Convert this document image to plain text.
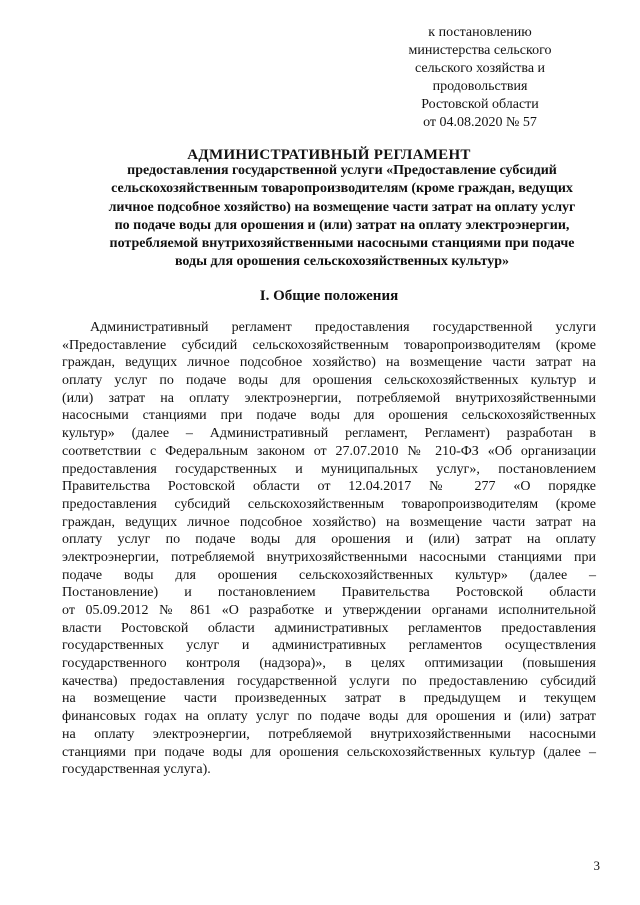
к постановлению
министерства сельского
сельского хозяйства и
продовольствия
Ростовской области
от 04.08.2020 № 57
АДМИНИСТРАТИВНЫЙ РЕГЛАМЕНТ
предоставления государственной услуги «Предоставление субсидий
сельскохозяйственным товаропроизводителям (кроме граждан, ведущих
личное подсобное хозяйство) на возмещение части затрат на оплату услуг
по подаче воды для орошения и (или) затрат на оплату электроэнергии,
потребляемой внутрихозяйственными насосными станциями при подаче
воды для орошения сельскохозяйственных культур»
I. Общие положения
Административный регламент предоставления государственной услуги
«Предоставление субсидий сельскохозяйственным товаропроизводителям (кроме
граждан, ведущих личное подсобное хозяйство) на возмещение части затрат на
оплату услуг по подаче воды для орошения сельскохозяйственных культур и
(или) затрат на оплату электроэнергии, потребляемой внутрихозяйственными
насосными станциями при подаче воды для орошения сельскохозяйственных
культур» (далее – Административный регламент, Регламент) разработан в
соответствии с Федеральным законом от 27.07.2010 № 210-ФЗ «Об организации
предоставления государственных и муниципальных услуг», постановлением
Правительства Ростовской области от 12.04.2017 № 277 «О порядке
предоставления субсидий сельскохозяйственным товаропроизводителям (кроме
граждан, ведущих личное подсобное хозяйство) на возмещение части затрат на
оплату услуг по подаче воды для орошения и (или) затрат на оплату
электроэнергии, потребляемой внутрихозяйственными насосными станциями при
подаче воды для орошения сельскохозяйственных культур» (далее –
Постановление) и постановлением Правительства Ростовской области
от 05.09.2012 № 861 «О разработке и утверждении органами исполнительной
власти Ростовской области административных регламентов предоставления
государственных услуг и административных регламентов осуществления
государственного контроля (надзора)», в целях оптимизации (повышения
качества) предоставления государственной услуги по предоставлению субсидий
на возмещение части произведенных затрат в предыдущем и текущем
финансовых годах на оплату услуг по подаче воды для орошения и (или) затрат
на оплату электроэнергии, потребляемой внутрихозяйственными насосными
станциями при подаче воды для орошения сельскохозяйственных культур (далее –
государственная услуга).
3
